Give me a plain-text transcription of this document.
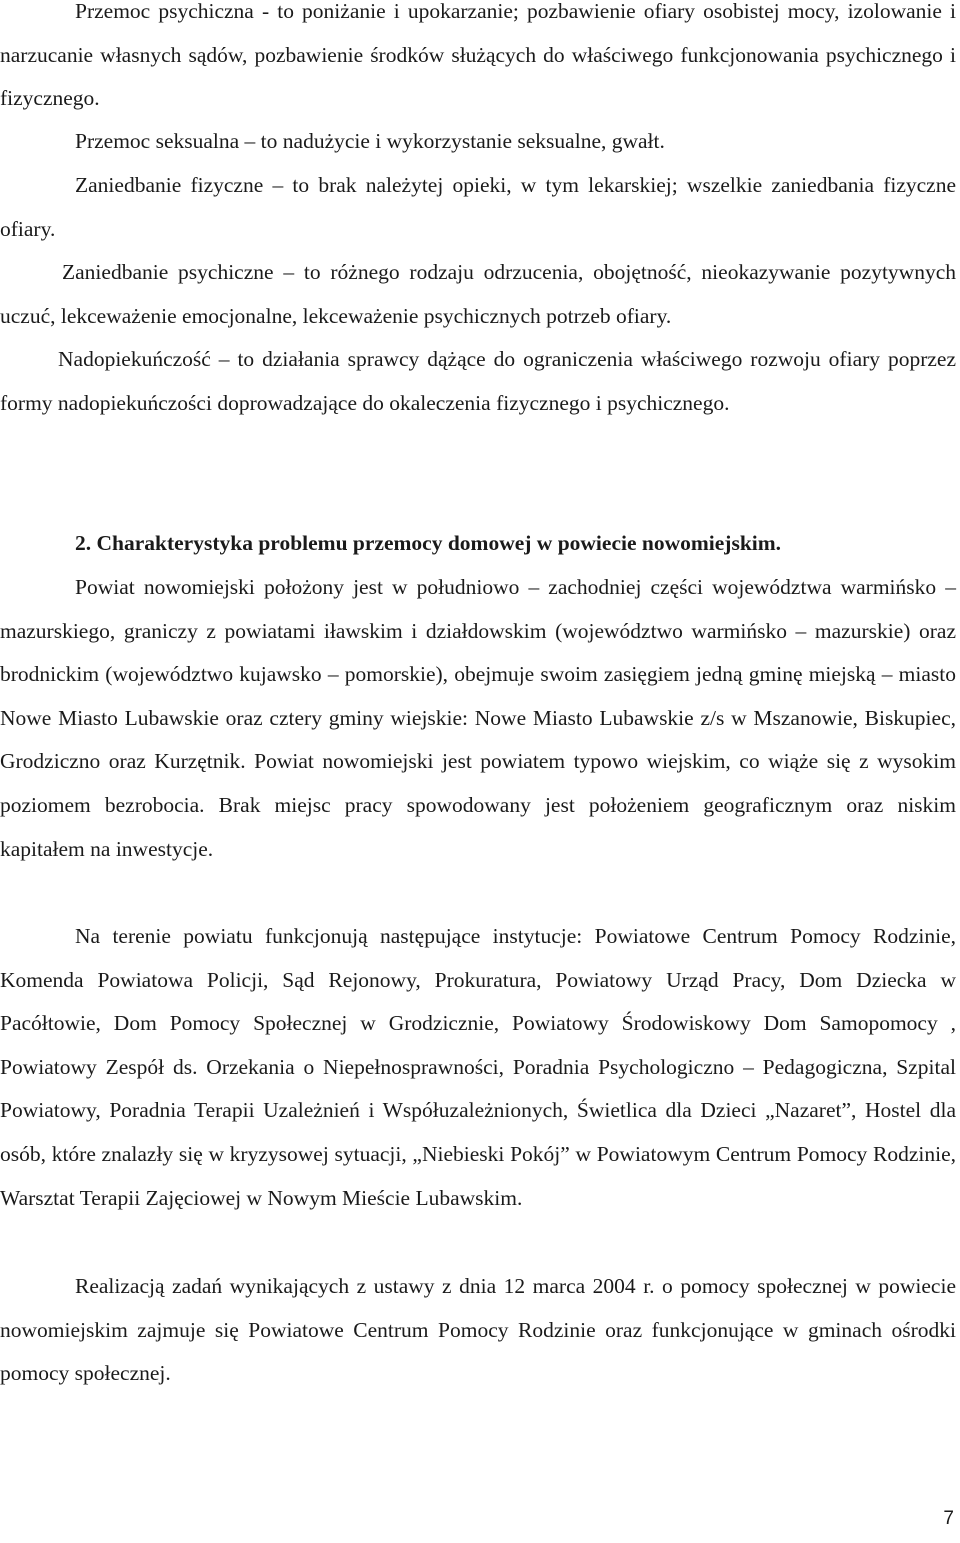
Przemoc psychiczna - to poniżanie i upokarzanie; pozbawienie ofiary osobistej mocy, izolowanie i narzucanie własnych sądów, pozbawienie środków służących do właściwego funkcjonowania psychicznego i fizycznego.

Przemoc seksualna – to nadużycie i wykorzystanie seksualne, gwałt.

Zaniedbanie fizyczne – to brak należytej opieki, w tym lekarskiej; wszelkie zaniedbania fizyczne ofiary.

Zaniedbanie psychiczne – to różnego rodzaju odrzucenia, obojętność, nieokazywanie pozytywnych uczuć, lekceważenie emocjonalne, lekceważenie psychicznych potrzeb ofiary.

Nadopiekuńczość – to działania sprawcy dążące do ograniczenia właściwego rozwoju ofiary poprzez formy nadopiekuńczości doprowadzające do okaleczenia fizycznego i psychicznego.

2. Charakterystyka problemu przemocy domowej w powiecie nowomiejskim.

Powiat nowomiejski położony jest w południowo – zachodniej części województwa warmińsko – mazurskiego, graniczy z powiatami iławskim i działdowskim (województwo warmińsko – mazurskie) oraz brodnickim (województwo kujawsko – pomorskie), obejmuje swoim zasięgiem jedną gminę miejską – miasto Nowe Miasto Lubawskie oraz cztery gminy wiejskie: Nowe Miasto Lubawskie z/s w Mszanowie, Biskupiec, Grodziczno oraz Kurzętnik. Powiat nowomiejski jest powiatem typowo wiejskim, co wiąże się z wysokim poziomem bezrobocia. Brak miejsc pracy spowodowany jest położeniem geograficznym oraz niskim kapitałem na inwestycje.

Na terenie powiatu funkcjonują następujące instytucje: Powiatowe Centrum Pomocy Rodzinie, Komenda Powiatowa Policji, Sąd Rejonowy, Prokuratura, Powiatowy Urząd Pracy, Dom Dziecka w Pacółtowie, Dom Pomocy Społecznej w Grodzicznie, Powiatowy Środowiskowy Dom Samopomocy , Powiatowy Zespół ds. Orzekania o Niepełnosprawności, Poradnia Psychologiczno – Pedagogiczna, Szpital Powiatowy, Poradnia Terapii Uzależnień i Współuzależnionych, Świetlica dla Dzieci „Nazaret”, Hostel dla osób, które znalazły się w kryzysowej sytuacji, „Niebieski Pokój” w Powiatowym Centrum Pomocy Rodzinie, Warsztat Terapii Zajęciowej w Nowym Mieście Lubawskim.

Realizacją zadań wynikających z ustawy z dnia 12 marca 2004 r. o pomocy społecznej w powiecie nowomiejskim zajmuje się Powiatowe Centrum Pomocy Rodzinie oraz funkcjonujące w gminach ośrodki pomocy społecznej.

7
